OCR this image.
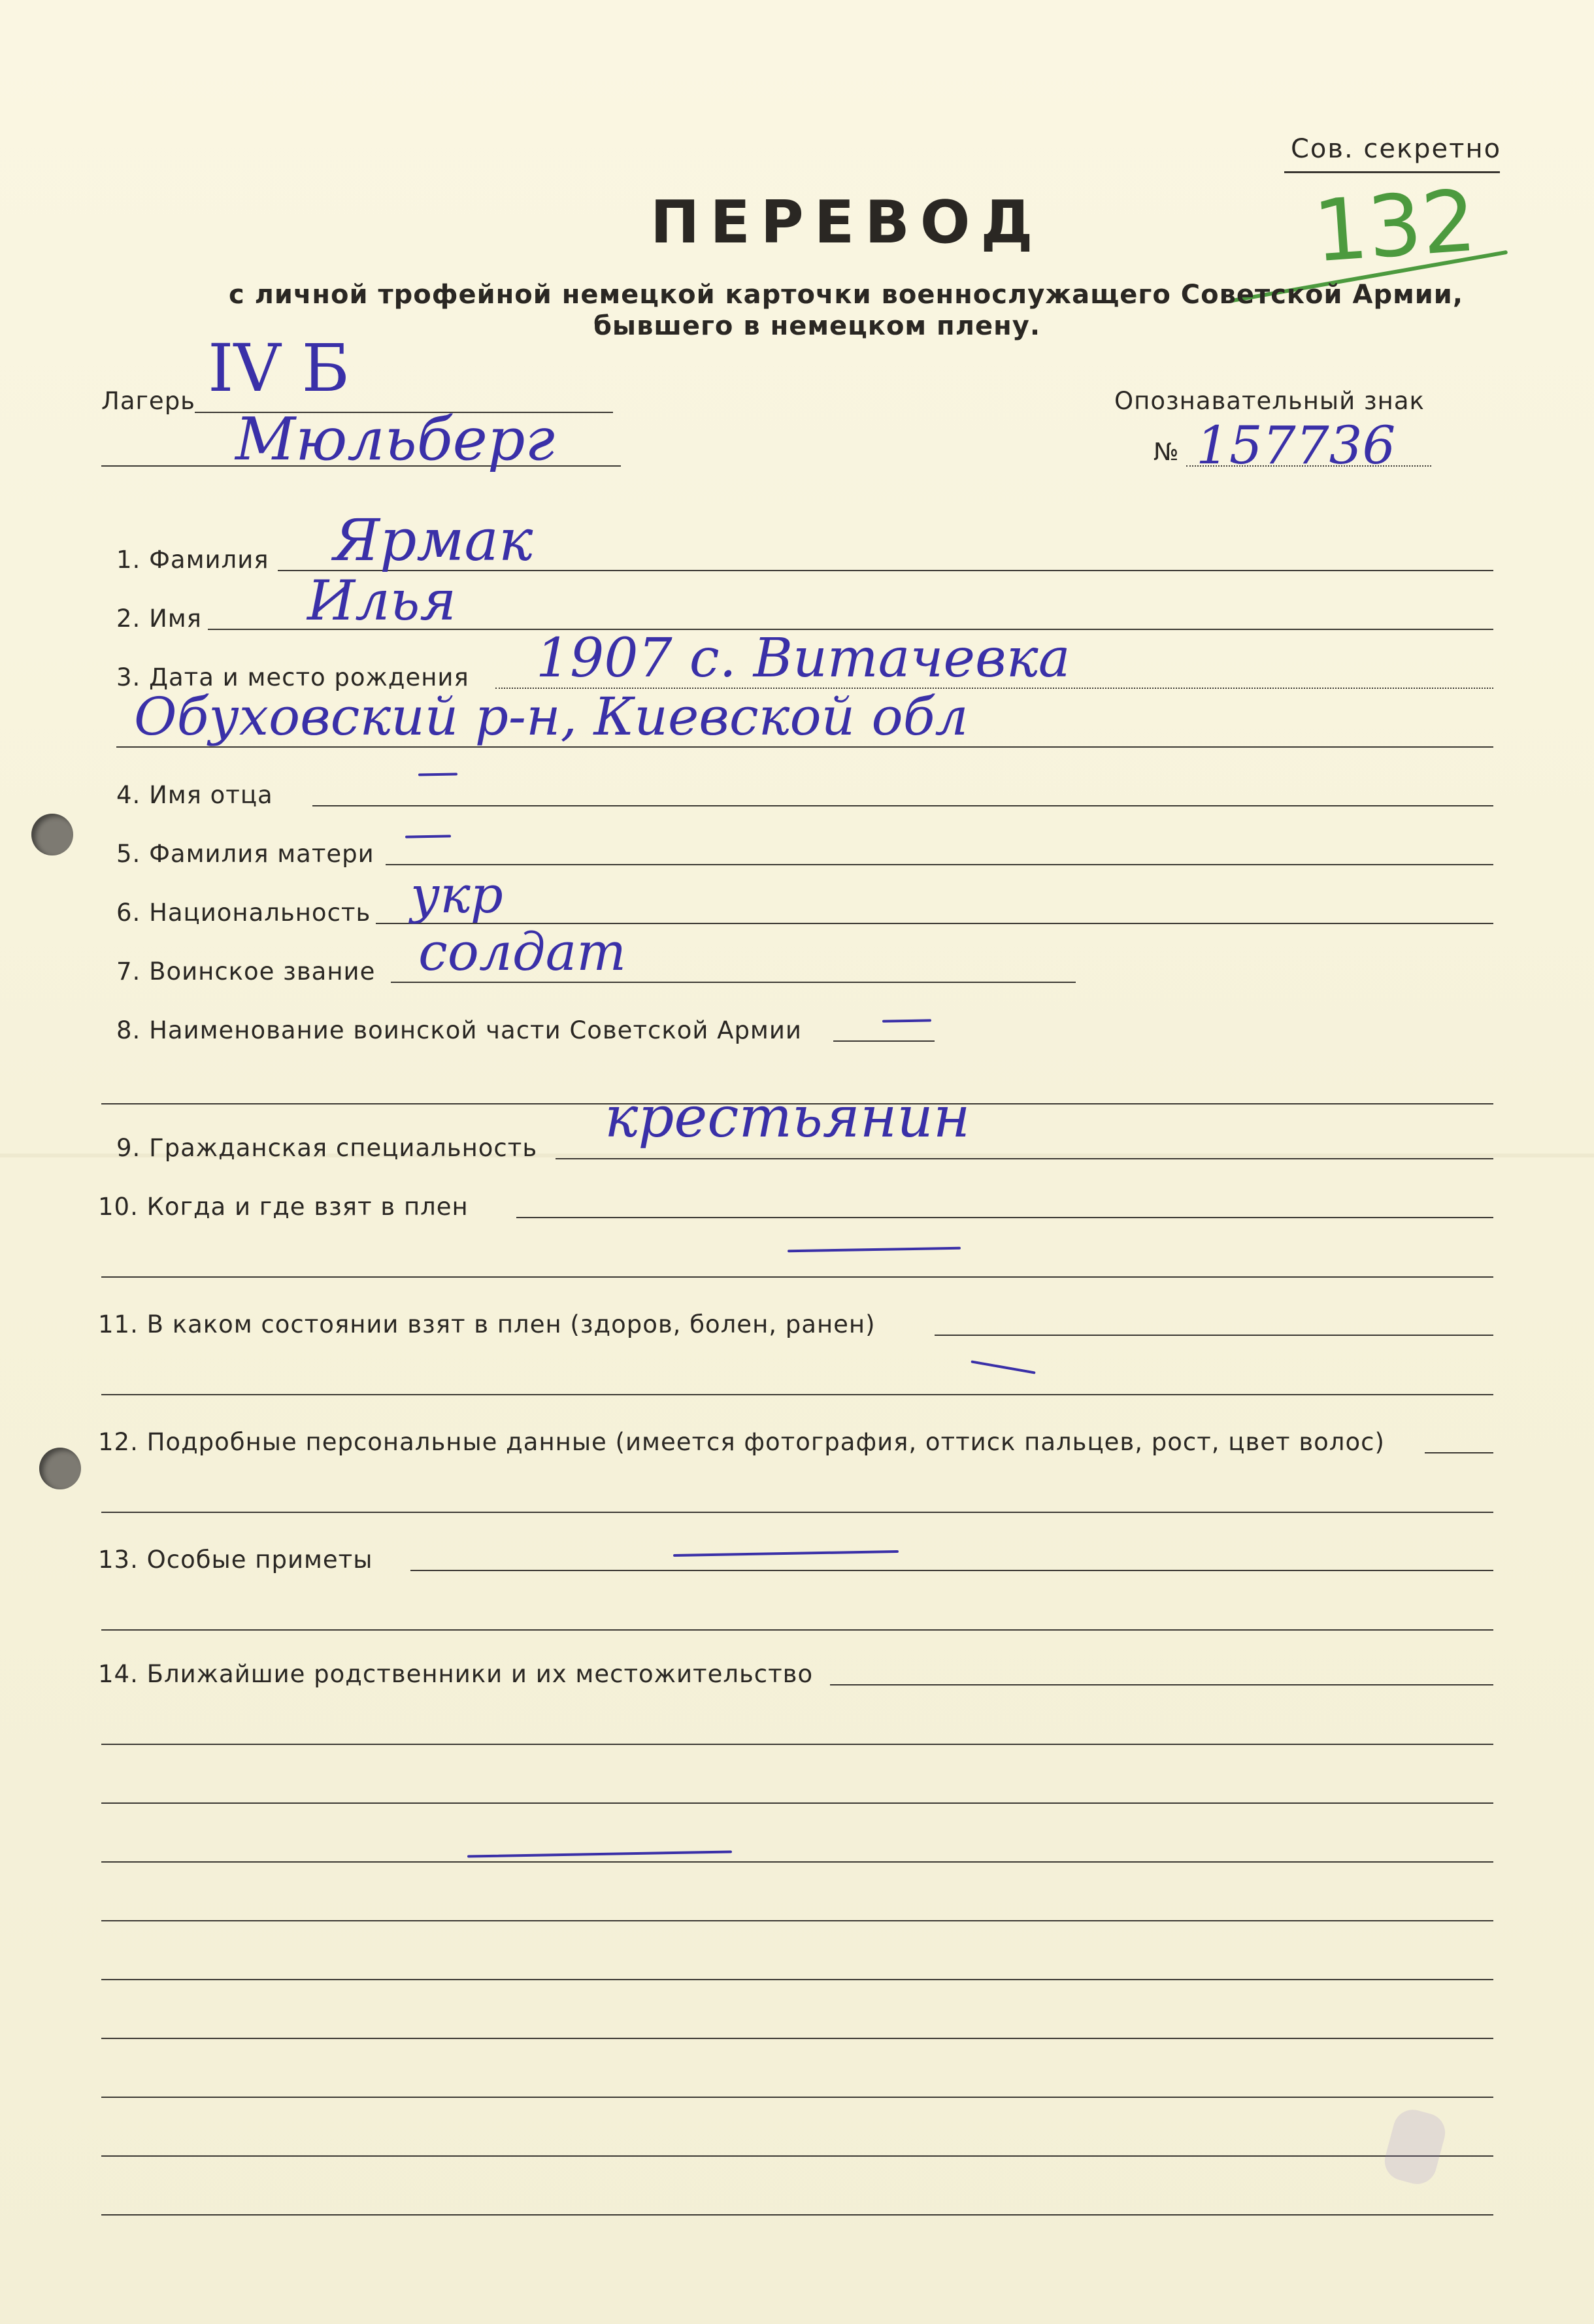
Сов. секретно
132
ПЕРЕВОД
с личной трофейной немецкой карточки военнослужащего Советской Армии,
бывшего в немецком плену.
Лагерь IV Б
Мюльберг
Опознавательный знак
№ 157736
1. Фамилия Ярмак
2. Имя Илья
3. Дата и место рождения 1907 с. Витачевка
Обуховский р-н, Киевской обл
4. Имя отца
5. Фамилия матери
6. Национальность укр
7. Воинское звание солдат
8. Наименование воинской части Советской Армии
9. Гражданская специальность крестьянин
10. Когда и где взят в плен
11. В каком состоянии взят в плен (здоров, болен, ранен)
12. Подробные персональные данные (имеется фотография, оттиск пальцев, рост, цвет волос)
13. Особые приметы
14. Ближайшие родственники и их местожительство
